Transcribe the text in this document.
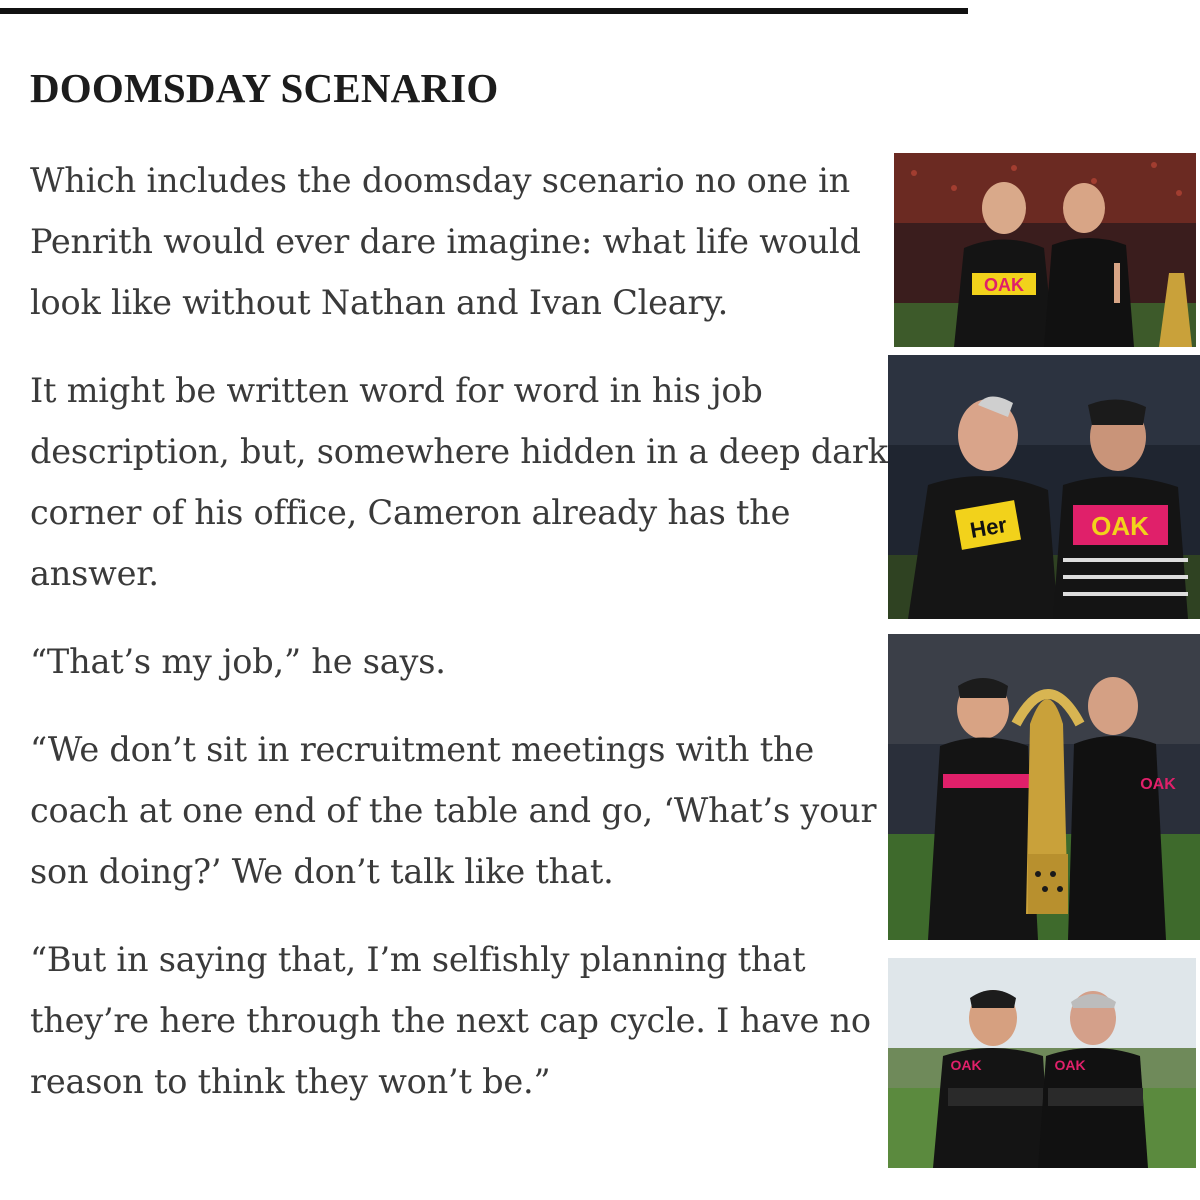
DOOMSDAY SCENARIO

Which includes the doomsday scenario no one in Penrith would ever dare imagine: what life would look like without Nathan and Ivan Cleary.

It might be written word for word in his job description, but, somewhere hidden in a deep dark corner of his office, Cameron already has the answer.

“That’s my job,” he says.

“We don’t sit in recruitment meetings with the coach at one end of the table and go, ‘What’s your son doing?’ We don’t talk like that.

“But in saying that, I’m selfishly planning that they’re here through the next cap cycle. I have no reason to think they won’t be.”

OAK
Her	OAK
OAK
OAK	OAK
